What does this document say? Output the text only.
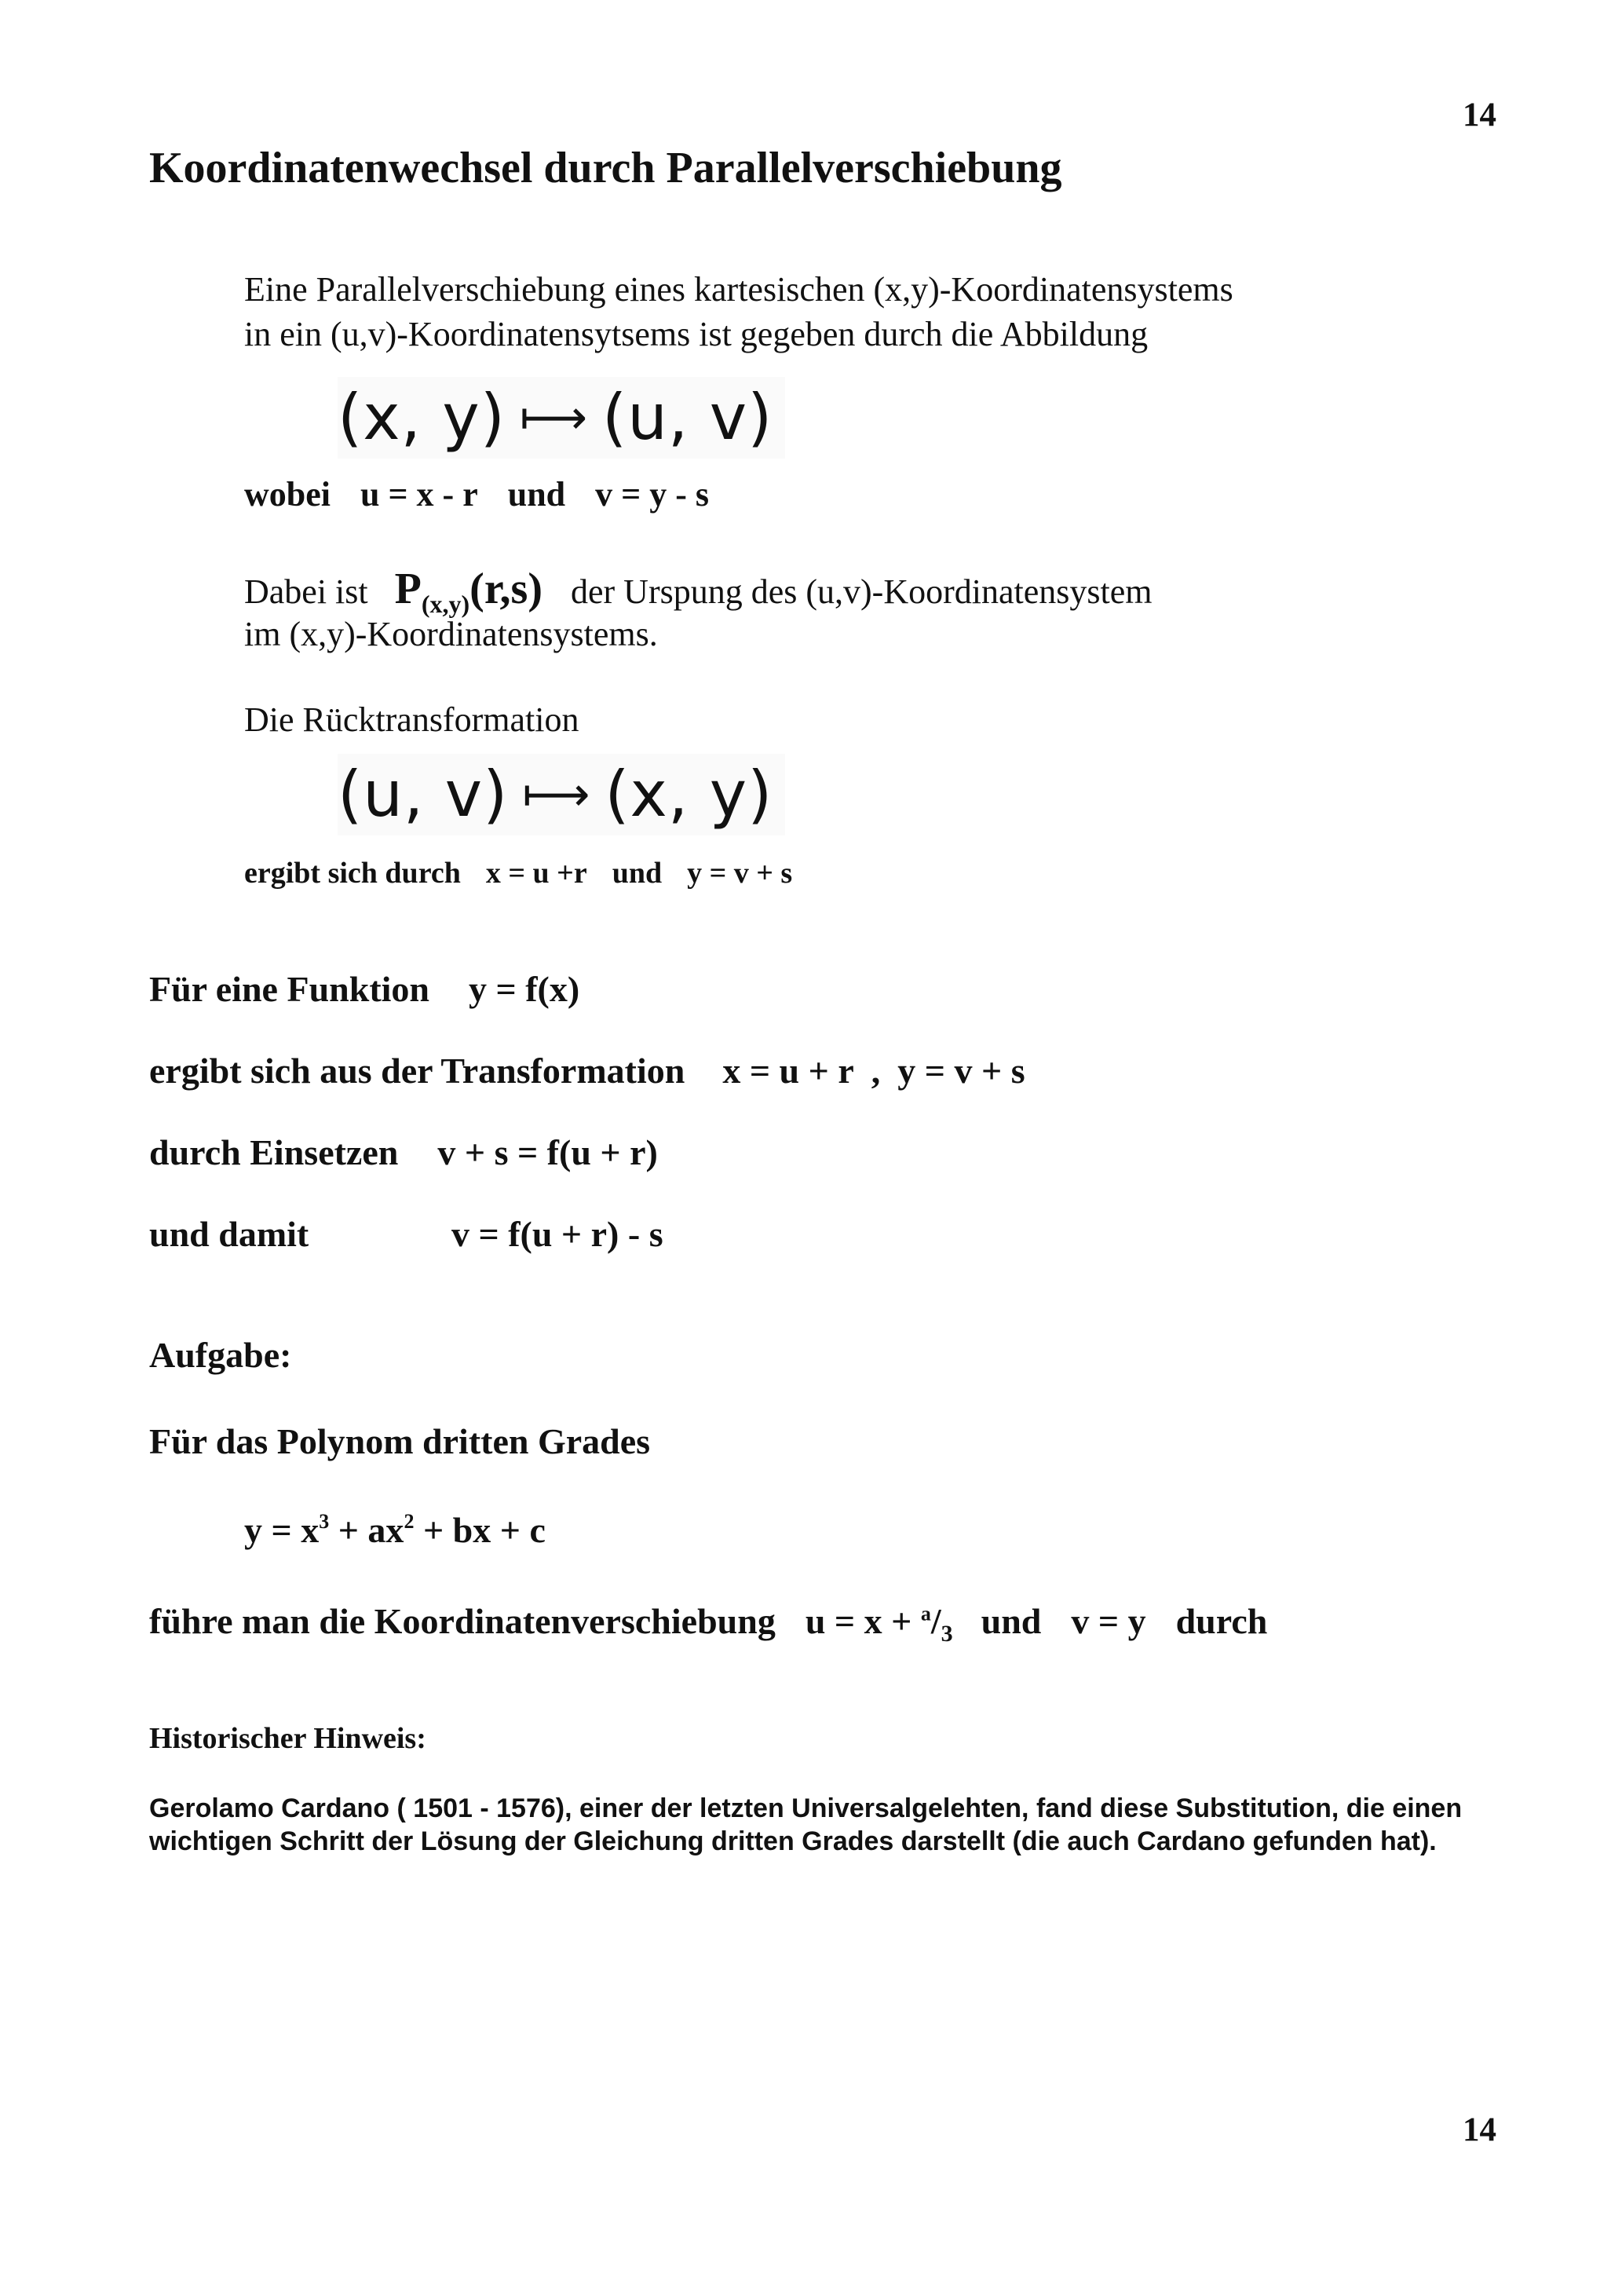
14
Koordinatenwechsel durch Parallelverschiebung
Eine Parallelverschiebung eines kartesischen (x,y)-Koordinatensystems
in ein (u,v)-Koordinatensytsems ist gegeben durch die Abbildung
(x, y) ⟼ (u, v)
wobei u = x - r und v = y - s
Dabei ist $P_{(x,y)}(r,s)$ der Urspung des (u,v)-Koordinatensystem
im (x,y)-Koordinatensystems.
Die Rücktransformation
(u, v) ⟼ (x, y)
ergibt sich durch x = u +r und y = v + s
Für eine Funktion y = f(x)
ergibt sich aus der Transformation x = u + r , y = v + s
durch Einsetzen v + s = f(u + r)
und damit	v = f(u + r) - s
Aufgabe:
Für das Polynom dritten Grades
$y = x^3 + ax^2$ + bx + c
führe man die Koordinatenverschiebung $u = x + ^a/_3$ und v = y durch
Historischer Hinweis:
Gerolamo Cardano ( 1501 - 1576), einer der letzten Universalgelehten, fand diese Substitution, die einen wichtigen Schritt der Lösung der Gleichung dritten Grades darstellt (die auch Cardano gefunden hat).
14
